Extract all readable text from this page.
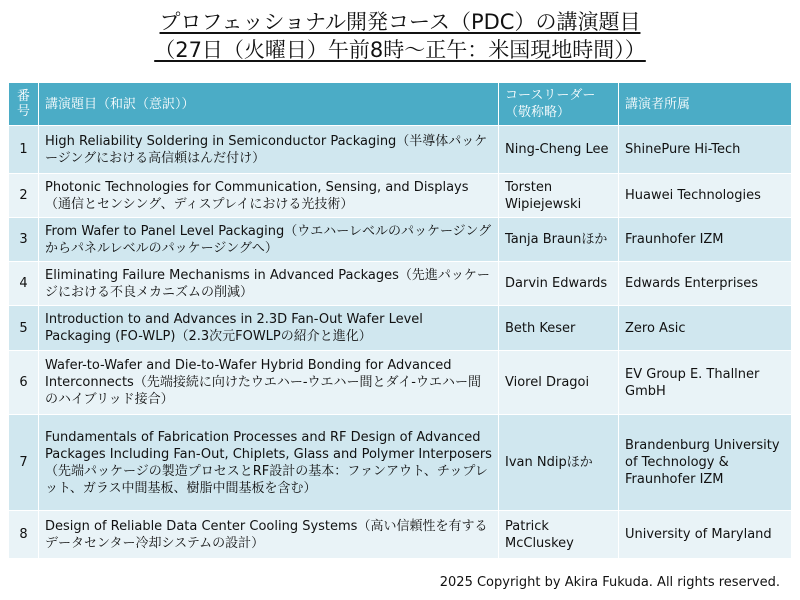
プロフェッショナル開発コース（PDC）の講演題目
（27日（火曜日）午前8時～正午：米国現地時間））
番号	講演題目（和訳（意訳））	コースリーダー（敬称略）	講演者所属
1	High Reliability Soldering in Semiconductor Packaging（半導体パッケージングにおける高信頼はんだ付け）	Ning-Cheng Lee	ShinePure Hi-Tech
2	Photonic Technologies for Communication, Sensing, and Displays（通信とセンシング、ディスプレイにおける光技術）	Torsten Wipiejewski	Huawei Technologies
3	From Wafer to Panel Level Packaging（ウエハーレベルのパッケージングからパネルレベルのパッケージングへ）	Tanja Braunほか	Fraunhofer IZM
4	Eliminating Failure Mechanisms in Advanced Packages（先進パッケージにおける不良メカニズムの削減）	Darvin Edwards	Edwards Enterprises
5	Introduction to and Advances in 2.3D Fan-Out Wafer Level Packaging (FO-WLP)（2.3次元FOWLPの紹介と進化）	Beth Keser	Zero Asic
6	Wafer-to-Wafer and Die-to-Wafer Hybrid Bonding for Advanced Interconnects（先端接続に向けたウエハー-ウエハー間とダイ-ウエハー間のハイブリッド接合）	Viorel Dragoi	EV Group E. Thallner GmbH
7	Fundamentals of Fabrication Processes and RF Design of Advanced Packages Including Fan-Out, Chiplets, Glass and Polymer Interposers（先端パッケージの製造プロセスとRF設計の基本：ファンアウト、チップレット、ガラス中間基板、樹脂中間基板を含む）	Ivan Ndipほか	Brandenburg University of Technology & Fraunhofer IZM
8	Design of Reliable Data Center Cooling Systems（高い信頼性を有するデータセンター冷却システムの設計）	Patrick McCluskey	University of Maryland
2025 Copyright by Akira Fukuda. All rights reserved.
